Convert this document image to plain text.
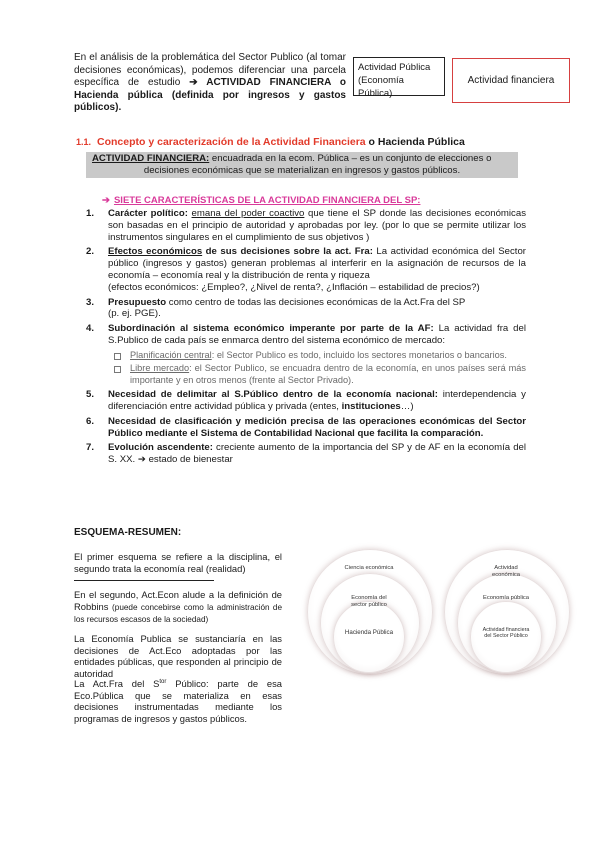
En el análisis de la problemática del Sector Publico (al tomar decisiones económicas), podemos diferenciar una parcela específica de estudio ➔ ACTIVIDAD FINANCIERA o Hacienda pública (definida por ingresos y gastos públicos).
Actividad Pública
(Economía Pública)
Actividad financiera
1.1. Concepto y caracterización de la Actividad Financiera o Hacienda Pública
ACTIVIDAD FINANCIERA: encuadrada en la ecom. Pública – es un conjunto de elecciones o
decisiones económicas que se materializan en ingresos y gastos públicos.
➔ SIETE CARACTERÍSTICAS DE LA ACTIVIDAD FINANCIERA DEL SP:
1. Carácter político: emana del poder coactivo que tiene el SP donde las decisiones económicas son basadas en el principio de autoridad y aprobadas por ley. (por lo que se permite utilizar los instrumentos singulares en el cumplimiento de sus objetivos )
2. Efectos económicos de sus decisiones sobre la act. Fra: La actividad económica del Sector público (ingresos y gastos) generan problemas al interferir en la asignación de recursos de la economía – economía real y la distribución de renta y riqueza
(efectos económicos: ¿Empleo?, ¿Nivel de renta?, ¿Inflación – estabilidad de precios?)
3. Presupuesto como centro de todas las decisiones económicas de la Act.Fra del SP
(p. ej. PGE).
4. Subordinación al sistema económico imperante por parte de la AF: La actividad fra del S.Publico de cada país se enmarca dentro del sistema económico de mercado:
Planificación central: el Sector Publico es todo, incluido los sectores monetarios o bancarios.
Libre mercado: el Sector Publico, se encuadra dentro de la economía, en unos países será más importante y en otros menos (frente al Sector Privado).
5. Necesidad de delimitar al S.Público dentro de la economía nacional: interdependencia y diferenciación entre actividad pública y privada (entes, instituciones…)
6. Necesidad de clasificación y medición precisa de las operaciones económicas del Sector Público mediante el Sistema de Contabilidad Nacional que facilita la comparación.
7. Evolución ascendente: creciente aumento de la importancia del SP y de AF en la economía del S. XX. ➔ estado de bienestar
ESQUEMA-RESUMEN:
El primer esquema se refiere a la disciplina, el segundo trata la economía real (realidad)
En el segundo, Act.Econ alude a la definición de Robbins (puede concebirse como la administración de los recursos escasos de la sociedad)
La Economía Publica se sustanciaría en las decisiones de Act.Eco adoptadas por las entidades públicas, que responden al principio de autoridad
La Act.Fra del $S^{tor}$ Público: parte de esa Eco.Pública que se materializa en esas decisiones instrumentadas mediante los programas de ingresos y gastos públicos.
Ciencia económica
Economía del sector público
Hacienda Pública
Actividad económica
Economía pública
Actividad financiera del Sector Público
